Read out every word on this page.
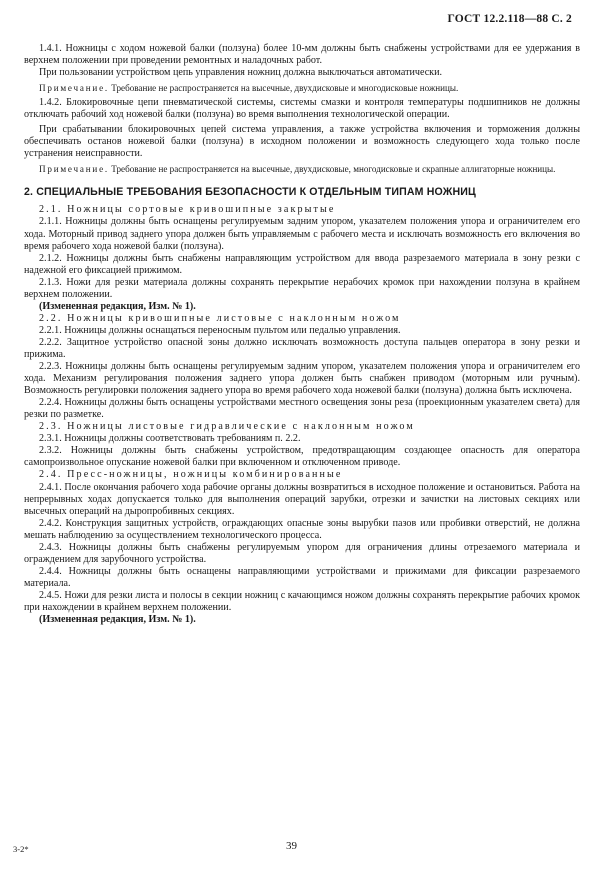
ГОСТ 12.2.118—88 С. 2

1.4.1. Ножницы с ходом ножевой балки (ползуна) более 10-мм должны быть снабжены устройствами для ее удержания в верхнем положении при проведении ремонтных и наладочных работ.

При пользовании устройством цепь управления ножниц должна выключаться автоматически.

Примечание. Требование не распространяется на высечные, двухдисковые и многодисковые ножницы.

1.4.2. Блокировочные цепи пневматической системы, системы смазки и контроля температуры подшипников не должны отключать рабочий ход ножевой балки (ползуна) во время выполнения технологической операции.

При срабатывании блокировочных цепей система управления, а также устройства включения и торможения должны обеспечивать останов ножевой балки (ползуна) в исходном положении и возможность следующего хода только после устранения неисправности.

Примечание. Требование не распространяется на высечные, двухдисковые, многодисковые и скрапные аллигаторные ножницы.

2. СПЕЦИАЛЬНЫЕ ТРЕБОВАНИЯ БЕЗОПАСНОСТИ К ОТДЕЛЬНЫМ ТИПАМ НОЖНИЦ

2.1. Ножницы сортовые кривошипные закрытые

2.1.1. Ножницы должны быть оснащены регулируемым задним упором, указателем положения упора и ограничителем его хода. Моторный привод заднего упора должен быть управляемым с рабочего места и исключать возможность его включения во время рабочего хода ножевой балки (ползуна).

2.1.2. Ножницы должны быть снабжены направляющим устройством для ввода разрезаемого материала в зону резки с надежной его фиксацией прижимом.

2.1.3. Ножи для резки материала должны сохранять перекрытие нерабочих кромок при нахождении ползуна в крайнем верхнем положении.

(Измененная редакция, Изм. № 1).

2.2. Ножницы кривошипные листовые с наклонным ножом

2.2.1. Ножницы должны оснащаться переносным пультом или педалью управления.

2.2.2. Защитное устройство опасной зоны должно исключать возможность доступа пальцев оператора в зону резки и прижима.

2.2.3. Ножницы должны быть оснащены регулируемым задним упором, указателем положения упора и ограничителем его хода. Механизм регулирования положения заднего упора должен быть снабжен приводом (моторным или ручным). Возможность регулировки положения заднего упора во время рабочего хода ножевой балки (ползуна) должна быть исключена.

2.2.4. Ножницы должны быть оснащены устройствами местного освещения зоны реза (проекционным указателем света) для резки по разметке.

2.3. Ножницы листовые гидравлические с наклонным ножом

2.3.1. Ножницы должны соответствовать требованиям п. 2.2.

2.3.2. Ножницы должны быть снабжены устройством, предотвращающим создающее опасность для оператора самопроизвольное опускание ножевой балки при включенном и отключенном приводе.

2.4. Пресс-ножницы, ножницы комбинированные

2.4.1. После окончания рабочего хода рабочие органы должны возвратиться в исходное положение и остановиться. Работа на непрерывных ходах допускается только для выполнения операций зарубки, отрезки и зачистки на листовых секциях или высечных операций на дыропробивных секциях.

2.4.2. Конструкция защитных устройств, ограждающих опасные зоны вырубки пазов или пробивки отверстий, не должна мешать наблюдению за осуществлением технологического процесса.

2.4.3. Ножницы должны быть снабжены регулируемым упором для ограничения длины отрезаемого материала и ограждением для зарубочного устройства.

2.4.4. Ножницы должны быть оснащены направляющими устройствами и прижимами для фиксации разрезаемого материала.

2.4.5. Ножи для резки листа и полосы в секции ножниц с качающимся ножом должны сохранять перекрытие рабочих кромок при нахождении в крайнем верхнем положении.

(Измененная редакция, Изм. № 1).

3-2*	39
